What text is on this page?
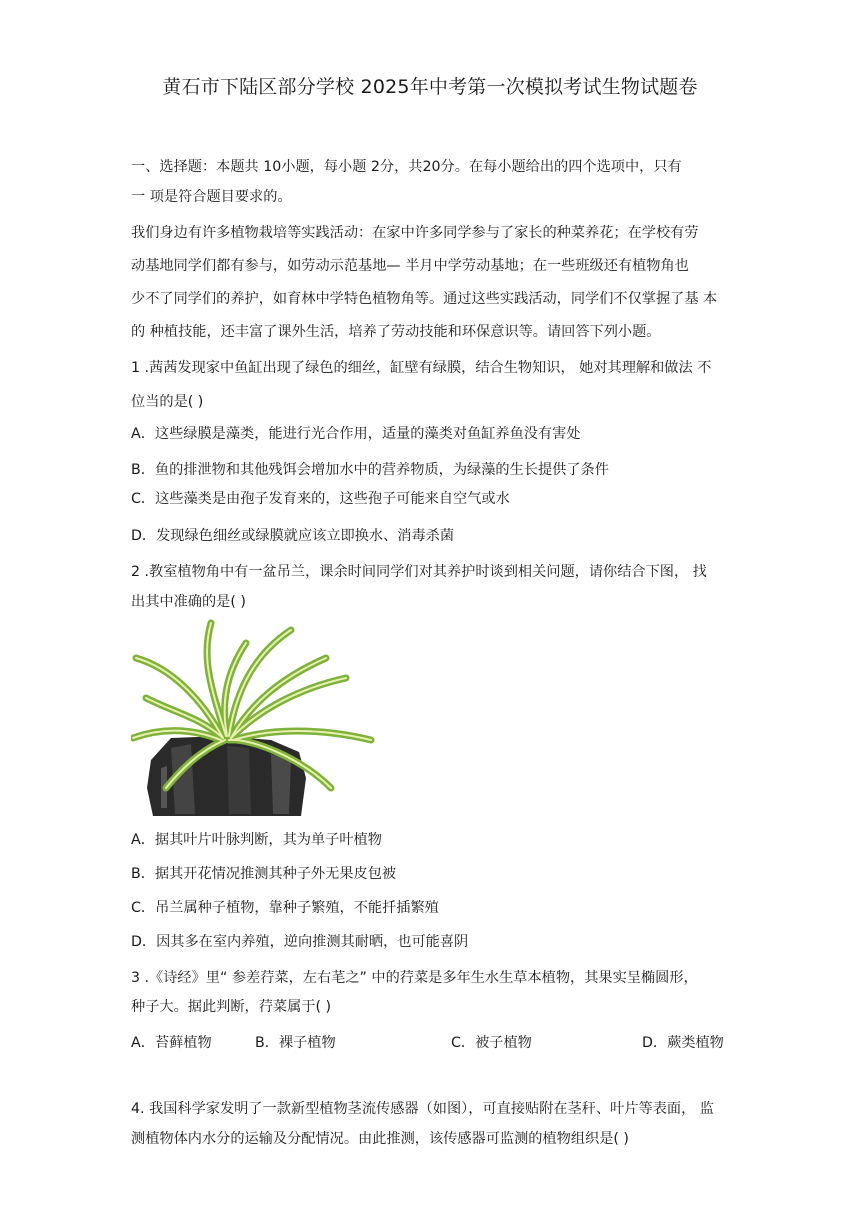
黄石市下陆区部分学校 2025年中考第一次模拟考试生物试题卷
一、选择题：本题共 10小题，每小题 2分，共20分。在每小题给出的四个选项中，只有
一 项是符合题目要求的。
我们身边有许多植物栽培等实践活动：在家中许多同学参与了家长的种菜养花；在学校有劳
动基地同学们都有参与，如劳动示范基地— 半月中学劳动基地；在一些班级还有植物角也
少不了同学们的养护，如育林中学特色植物角等。通过这些实践活动，同学们不仅掌握了基 本
的 种植技能，还丰富了课外生活，培养了劳动技能和环保意识等。请回答下列小题。
1 .茜茜发现家中鱼缸出现了绿色的细丝，缸壁有绿膜，结合生物知识， 她对其理解和做法 不
位当的是( )
A．这些绿膜是藻类，能进行光合作用，适量的藻类对鱼缸养鱼没有害处
B．鱼的排泄物和其他残饵会增加水中的营养物质，为绿藻的生长提供了条件
C．这些藻类是由孢子发育来的，这些孢子可能来自空气或水
D．发现绿色细丝或绿膜就应该立即换水、消毒杀菌
2 .教室植物角中有一盆吊兰，课余时间同学们对其养护时谈到相关问题，请你结合下图， 找
出其中准确的是( )
A．据其叶片叶脉判断，其为单子叶植物
B．据其开花情况推测其种子外无果皮包被
C．吊兰属种子植物，靠种子繁殖，不能扦插繁殖
D．因其多在室内养殖，逆向推测其耐晒，也可能喜阴
3 .《诗经》里“ 参差荇菜，左右芼之” 中的荇菜是多年生水生草本植物，其果实呈椭圆形，
种子大。据此判断，荇菜属于( )
A．苔藓植物	B．裸子植物	C．被子植物	D．蕨类植物
4. 我国科学家发明了一款新型植物茎流传感器（如图），可直接贴附在茎秆、叶片等表面， 监
测植物体内水分的运输及分配情况。由此推测，该传感器可监测的植物组织是( )
